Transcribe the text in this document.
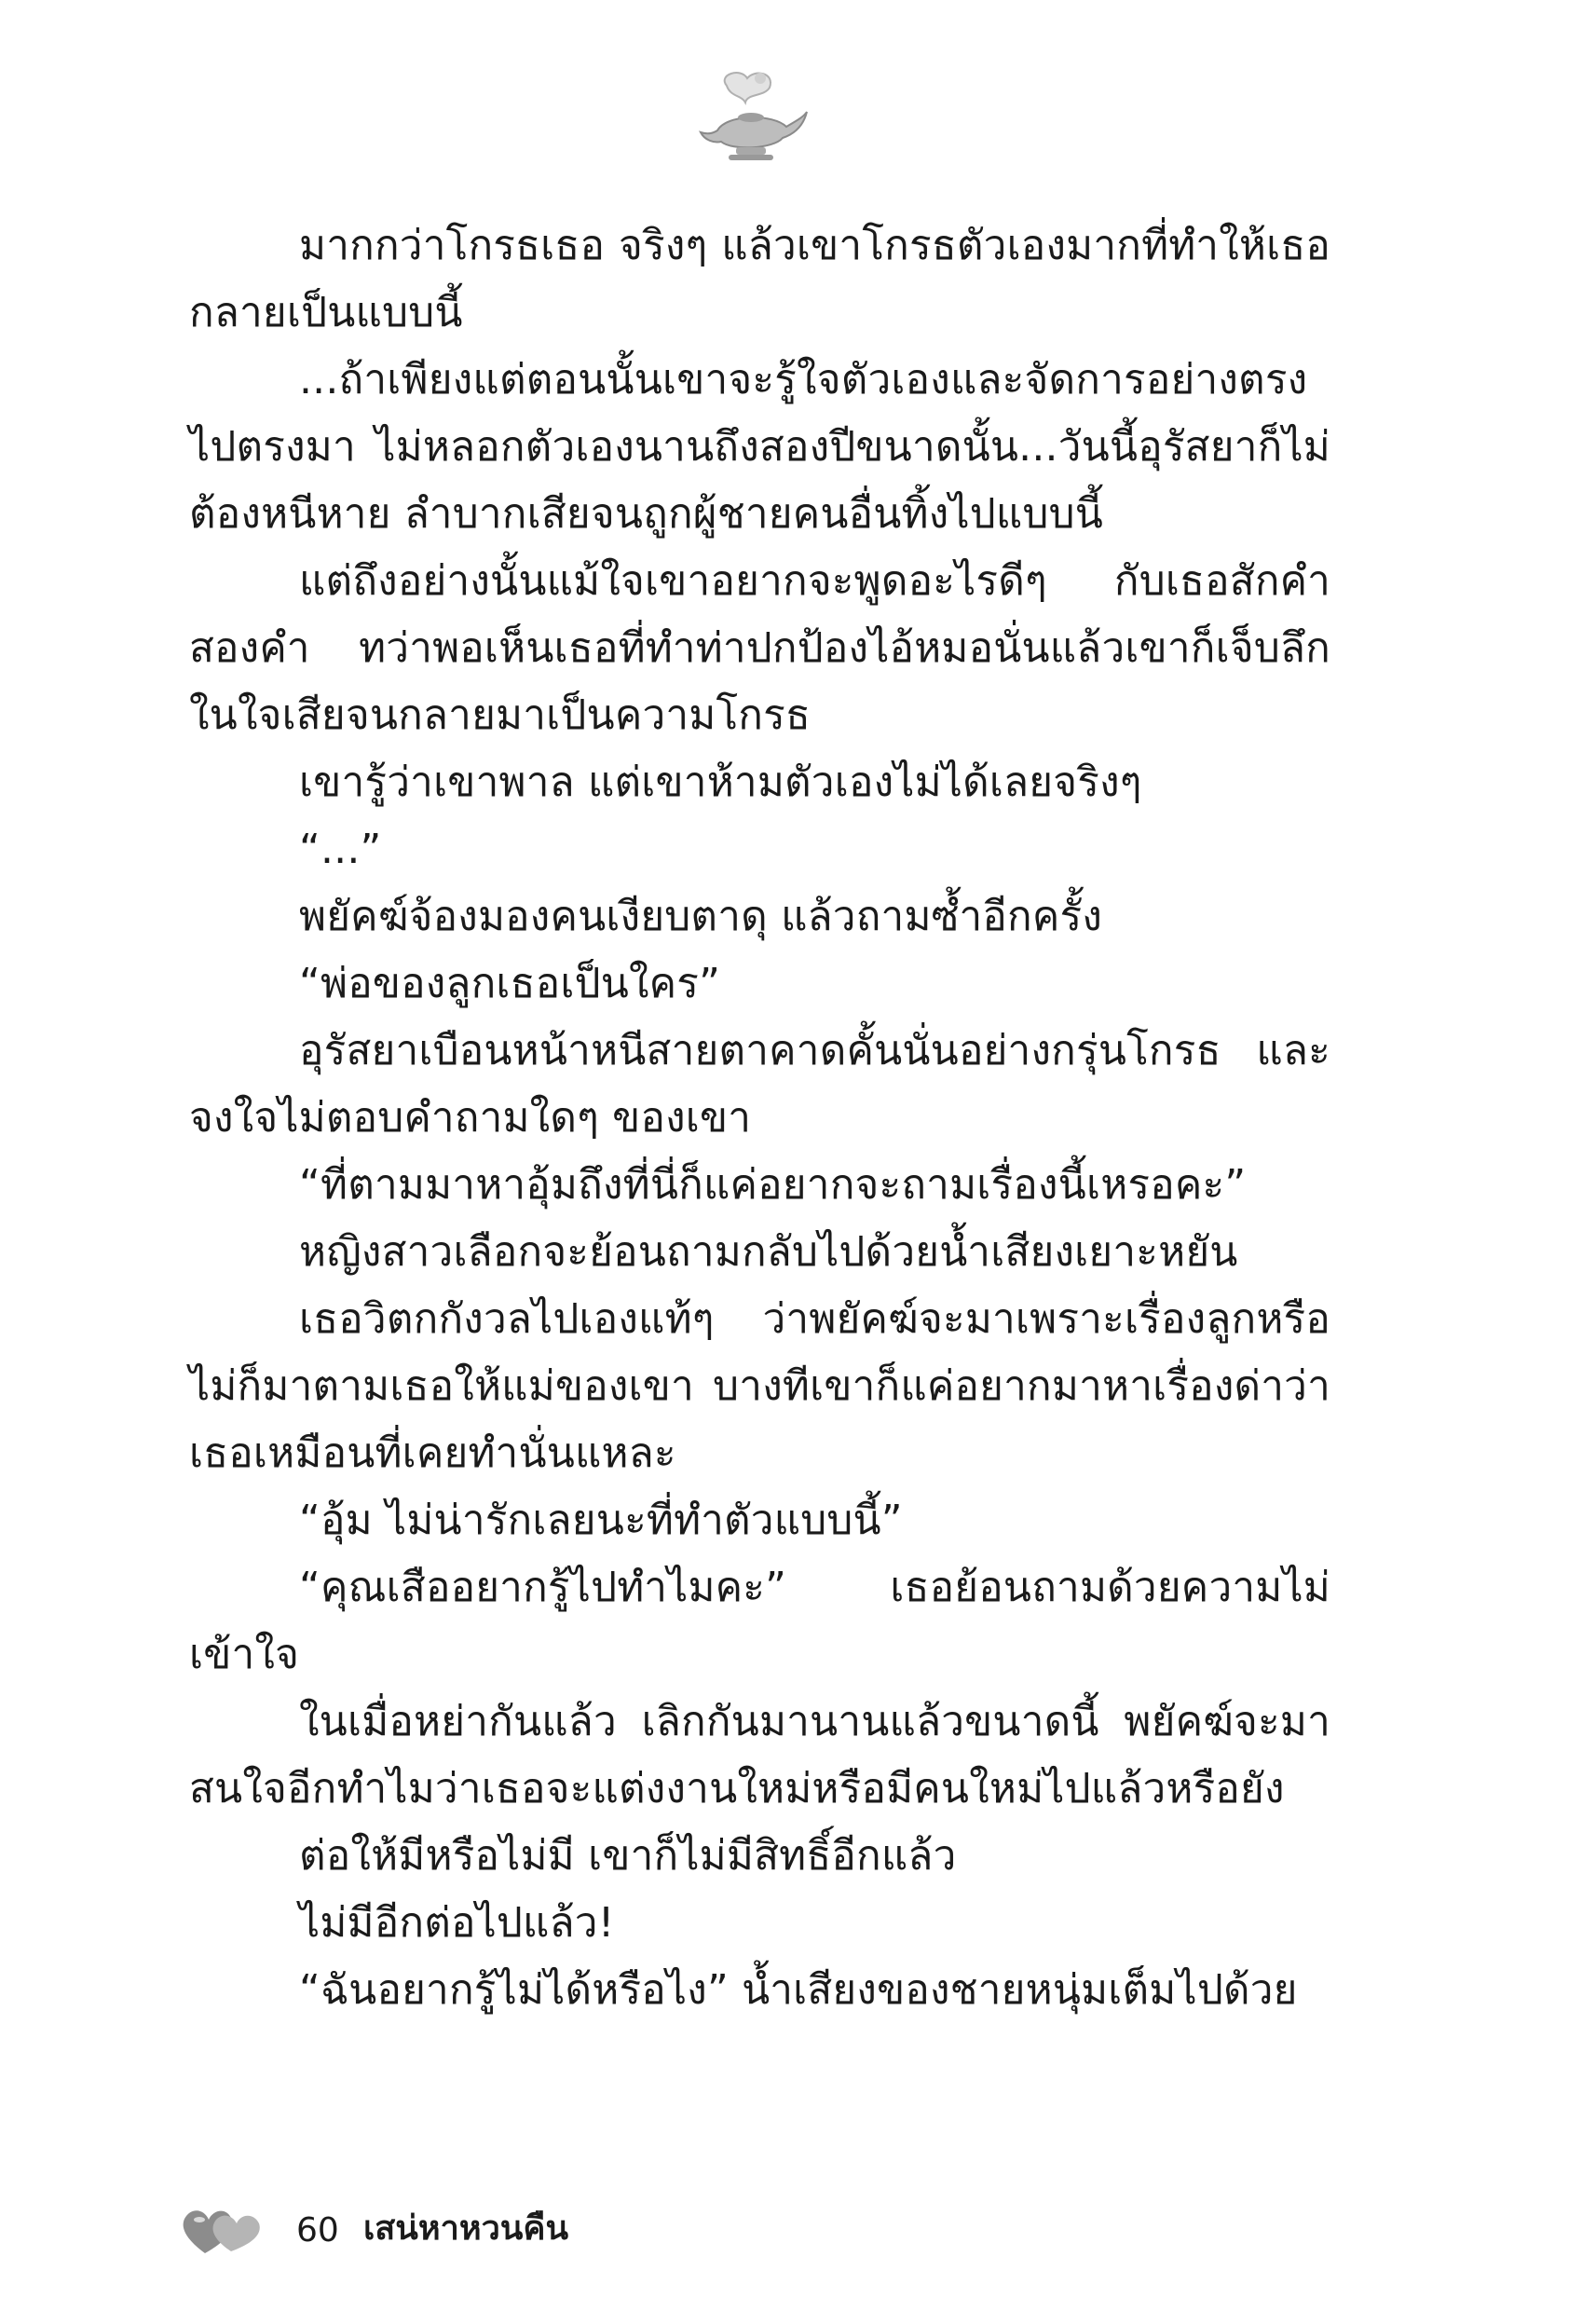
มากกว่าโกรธเธอ จริงๆ แล้วเขาโกรธตัวเองมากที่ทำให้เธอกลายเป็นแบบนี้

...ถ้าเพียงแต่ตอนนั้นเขาจะรู้ใจตัวเองและจัดการอย่างตรงไปตรงมา ไม่หลอกตัวเองนานถึงสองปีขนาดนั้น...วันนี้อุรัสยาก็ไม่ต้องหนีหาย ลำบากเสียจนถูกผู้ชายคนอื่นทิ้งไปแบบนี้

แต่ถึงอย่างนั้นแม้ใจเขาอยากจะพูดอะไรดีๆ กับเธอสักคำสองคำ ทว่าพอเห็นเธอที่ทำท่าปกป้องไอ้หมอนั่นแล้วเขาก็เจ็บลึกในใจเสียจนกลายมาเป็นความโกรธ

เขารู้ว่าเขาพาล แต่เขาห้ามตัวเองไม่ได้เลยจริงๆ

“...”

พยัคฆ์จ้องมองคนเงียบตาดุ แล้วถามซ้ำอีกครั้ง

“พ่อของลูกเธอเป็นใคร”

อุรัสยาเบือนหน้าหนีสายตาคาดคั้นนั่นอย่างกรุ่นโกรธ และจงใจไม่ตอบคำถามใดๆ ของเขา

“ที่ตามมาหาอุ้มถึงที่นี่ก็แค่อยากจะถามเรื่องนี้เหรอคะ”

หญิงสาวเลือกจะย้อนถามกลับไปด้วยน้ำเสียงเยาะหยัน

เธอวิตกกังวลไปเองแท้ๆ ว่าพยัคฆ์จะมาเพราะเรื่องลูกหรือไม่ก็มาตามเธอให้แม่ของเขา บางทีเขาก็แค่อยากมาหาเรื่องด่าว่าเธอเหมือนที่เคยทำนั่นแหละ

“อุ้ม ไม่น่ารักเลยนะที่ทำตัวแบบนี้”

“คุณเสืออยากรู้ไปทำไมคะ” เธอย้อนถามด้วยความไม่เข้าใจ

ในเมื่อหย่ากันแล้ว เลิกกันมานานแล้วขนาดนี้ พยัคฆ์จะมาสนใจอีกทำไมว่าเธอจะแต่งงานใหม่หรือมีคนใหม่ไปแล้วหรือยัง

ต่อให้มีหรือไม่มี เขาก็ไม่มีสิทธิ์อีกแล้ว

ไม่มีอีกต่อไปแล้ว!

“ฉันอยากรู้ไม่ได้หรือไง” น้ำเสียงของชายหนุ่มเต็มไปด้วย

60 เสน่หาหวนคืน
